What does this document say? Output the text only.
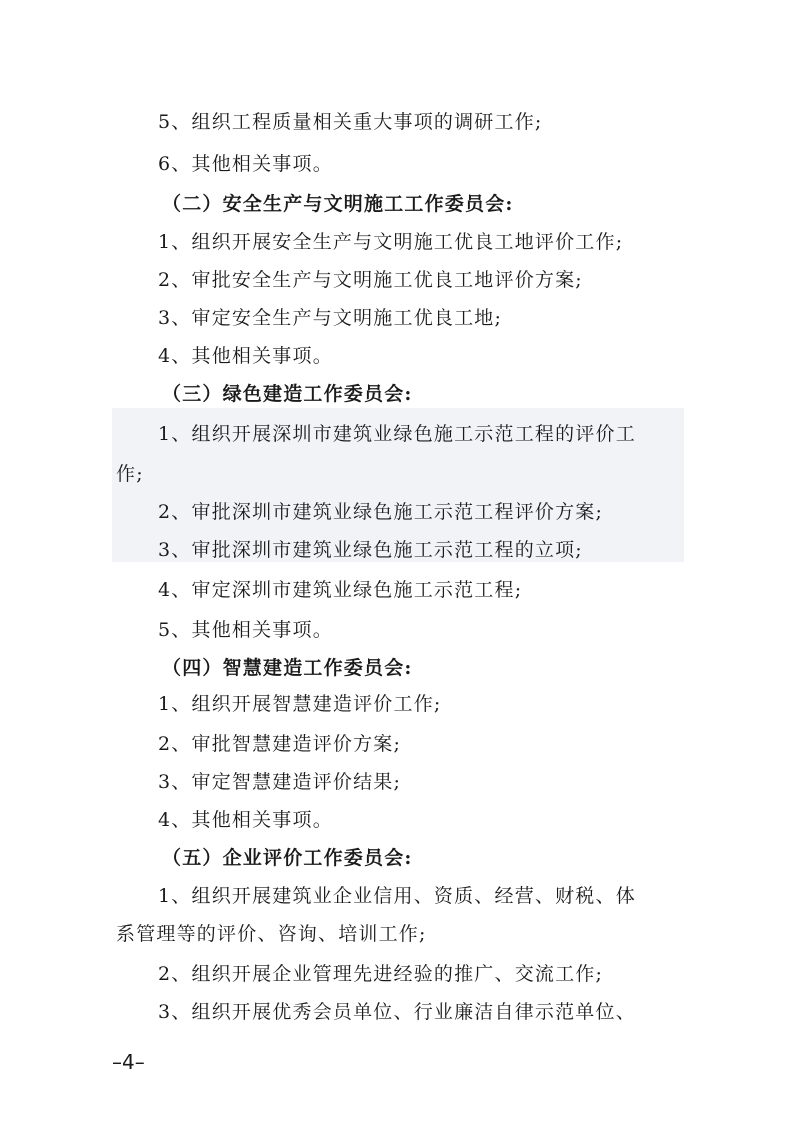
5、组织工程质量相关重大事项的调研工作;
6、其他相关事项。
（二）安全生产与文明施工工作委员会:
1、组织开展安全生产与文明施工优良工地评价工作;
2、审批安全生产与文明施工优良工地评价方案;
3、审定安全生产与文明施工优良工地;
4、其他相关事项。
（三）绿色建造工作委员会:
1、组织开展深圳市建筑业绿色施工示范工程的评价工
作;
2、审批深圳市建筑业绿色施工示范工程评价方案;
3、审批深圳市建筑业绿色施工示范工程的立项;
4、审定深圳市建筑业绿色施工示范工程;
5、其他相关事项。
（四）智慧建造工作委员会:
1、组织开展智慧建造评价工作;
2、审批智慧建造评价方案;
3、审定智慧建造评价结果;
4、其他相关事项。
（五）企业评价工作委员会:
1、组织开展建筑业企业信用、资质、经营、财税、体
系管理等的评价、咨询、培训工作;
2、组织开展企业管理先进经验的推广、交流工作;
3、组织开展优秀会员单位、行业廉洁自律示范单位、
–4–
